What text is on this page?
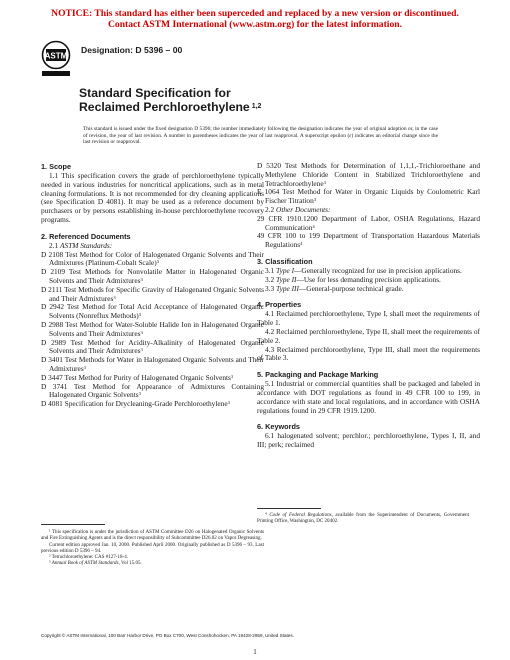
NOTICE: This standard has either been superceded and replaced by a new version or discontinued.
Contact ASTM International (www.astm.org) for the latest information.
ASTM
Designation: D 5396 – 00
Standard Specification for
Reclaimed Perchloroethylene $^{1,2}$
This standard is issued under the fixed designation D 5396; the number immediately following the designation indicates the year of original adoption or, in the case of revision, the year of last revision. A number in parentheses indicates the year of last reapproval. A superscript epsilon (ε) indicates an editorial change since the last revision or reapproval.
1. Scope

1.1 This specification covers the grade of perchloroethylene typically needed in various industries for noncritical applications, such as in metal cleaning formulations. It is not recommended for dry cleaning applications (see Specification D 4081). It may be used as a reference document by purchasers or by persons establishing in-house perchloroethylene recovery programs.

2. Referenced Documents

2.1 ASTM Standards:

D 2108 Test Method for Color of Halogenated Organic Solvents and Their Admixtures (Platinum-Cobalt Scale)$^3$

D 2109 Test Methods for Nonvolatile Matter in Halogenated Organic Solvents and Their Admixtures$^3$

D 2111 Test Methods for Specific Gravity of Halogenated Organic Solvents and Their Admixtures$^3$

D 2942 Test Method for Total Acid Acceptance of Halogenated Organic Solvents (Nonreflux Methods)$^3$

D 2988 Test Method for Water-Soluble Halide Ion in Halogenated Organic Solvents and Their Admixtures$^3$

D 2989 Test Method for Acidity-Alkalinity of Halogenated Organic Solvents and Their Admixtures$^3$

D 3401 Test Methods for Water in Halogenated Organic Solvents and Their Admixtures$^3$

D 3447 Test Method for Purity of Halogenated Organic Solvents$^3$

D 3741 Test Method for Appearance of Admixtures Containing Halogenated Organic Solvents$^3$

D 4081 Specification for Drycleaning-Grade Perchloroethylene$^3$

D 5320 Test Methods for Determination of 1,1,1,-Trichloroethane and Methylene Chloride Content in Stabilized Trichloroethylene and Tetrachloroethylene$^3$

E 1064 Test Method for Water in Organic Liquids by Coulometric Karl Fischer Titration$^3$

2.2 Other Documents:

29 CFR 1910.1200 Department of Labor, OSHA Regulations, Hazard Communication$^4$

49 CFR 100 to 199 Department of Transportation Hazardous Materials Regulations$^4$

3. Classification

3.1 Type I—Generally recognized for use in precision applications.

3.2 Type II—Use for less demanding precision applications.

3.3 Type III—General-purpose technical grade.

4. Properties

4.1 Reclaimed perchloroethylene, Type I, shall meet the requirements of Table 1.

4.2 Reclaimed perchloroethylene, Type II, shall meet the requirements of Table 2.

4.3 Reclaimed perchloroethylene, Type III, shall meet the requirements of Table 3.

5. Packaging and Package Marking

5.1 Industrial or commercial quantities shall be packaged and labeled in accordance with DOT regulations as found in 49 CFR 100 to 199, in accordance with state and local regulations, and in accordance with OSHA regulations found in 29 CFR 1919.1200.

6. Keywords

6.1 halogenated solvent; perchlor.; perchloroethylene, Types I, II, and III; perk; reclaimed

¹ This specification is under the jurisdiction of ASTM Committee D26 on Halogenated Organic Solvents and Fire Extinguishing Agents and is the direct responsibility of Subcommittee D26.02 on Vapor Degreasing.
Current edition approved Jan. 10, 2000. Published April 2000. Originally published as D 5396 – 93. Last previous edition D 5396 – 94.
² Tetrachloroethylene: CAS #127-18-4.
³ Annual Book of ASTM Standards, Vol 15.05.
⁴ Code of Federal Regulations, available from the Superintendent of Documents, Government Printing Office, Washington, DC 20402.
Copyright © ASTM International, 100 Barr Harbor Drive, PO Box C700, West Conshohocken, PA 19428-2959, United States.
1
